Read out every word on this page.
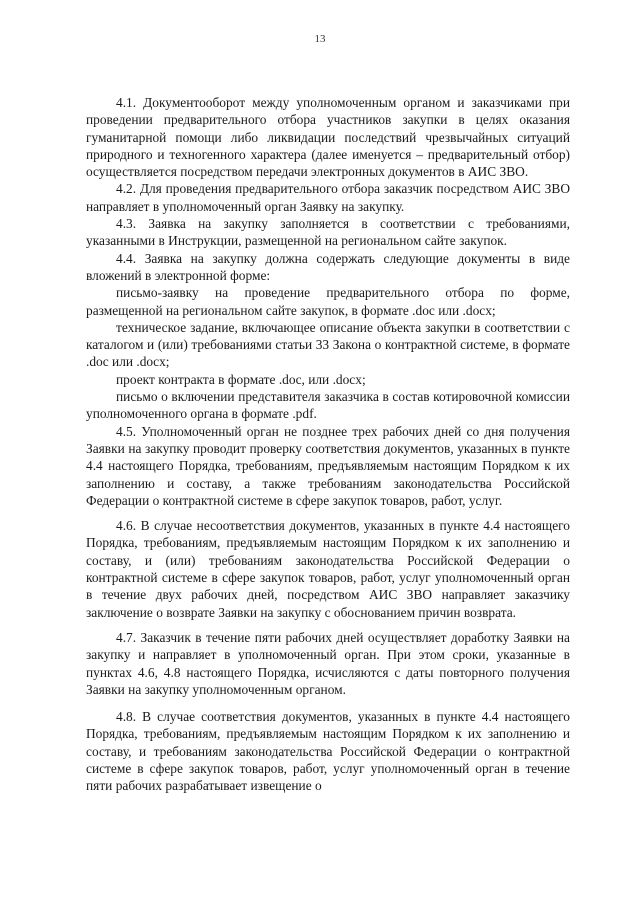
13

4.1. Документооборот между уполномоченным органом и заказчиками при проведении предварительного отбора участников закупки в целях оказания гуманитарной помощи либо ликвидации последствий чрезвычайных ситуаций природного и техногенного характера (далее именуется – предварительный отбор) осуществляется посредством передачи электронных документов в АИС ЗВО.

4.2. Для проведения предварительного отбора заказчик посредством АИС ЗВО направляет в уполномоченный орган Заявку на закупку.

4.3. Заявка на закупку заполняется в соответствии с требованиями, указанными в Инструкции, размещенной на региональном сайте закупок.

4.4. Заявка на закупку должна содержать следующие документы в виде вложений в электронной форме:

письмо-заявку на проведение предварительного отбора по форме, размещенной на региональном сайте закупок, в формате .doc или .docx;

техническое задание, включающее описание объекта закупки в соответствии с каталогом и (или) требованиями статьи 33 Закона о контрактной системе, в формате .doc или .docx;

проект контракта в формате .doc, или .docx;

письмо о включении представителя заказчика в состав котировочной комиссии уполномоченного органа в формате .pdf.

4.5. Уполномоченный орган не позднее трех рабочих дней со дня получения Заявки на закупку проводит проверку соответствия документов, указанных в пункте 4.4 настоящего Порядка, требованиям, предъявляемым настоящим Порядком к их заполнению и составу, а также требованиям законодательства Российской Федерации о контрактной системе в сфере закупок товаров, работ, услуг.

4.6. В случае несоответствия документов, указанных в пункте 4.4 настоящего Порядка, требованиям, предъявляемым настоящим Порядком к их заполнению и составу, и (или) требованиям законодательства Российской Федерации о контрактной системе в сфере закупок товаров, работ, услуг уполномоченный орган в течение двух рабочих дней, посредством АИС ЗВО направляет заказчику заключение о возврате Заявки на закупку с обоснованием причин возврата.

4.7. Заказчик в течение пяти рабочих дней осуществляет доработку Заявки на закупку и направляет в уполномоченный орган. При этом сроки, указанные в пунктах 4.6, 4.8 настоящего Порядка, исчисляются с даты повторного получения Заявки на закупку уполномоченным органом.

4.8. В случае соответствия документов, указанных в пункте 4.4 настоящего Порядка, требованиям, предъявляемым настоящим Порядком к их заполнению и составу, и требованиям законодательства Российской Федерации о контрактной системе в сфере закупок товаров, работ, услуг уполномоченный орган в течение пяти рабочих разрабатывает извещение о
